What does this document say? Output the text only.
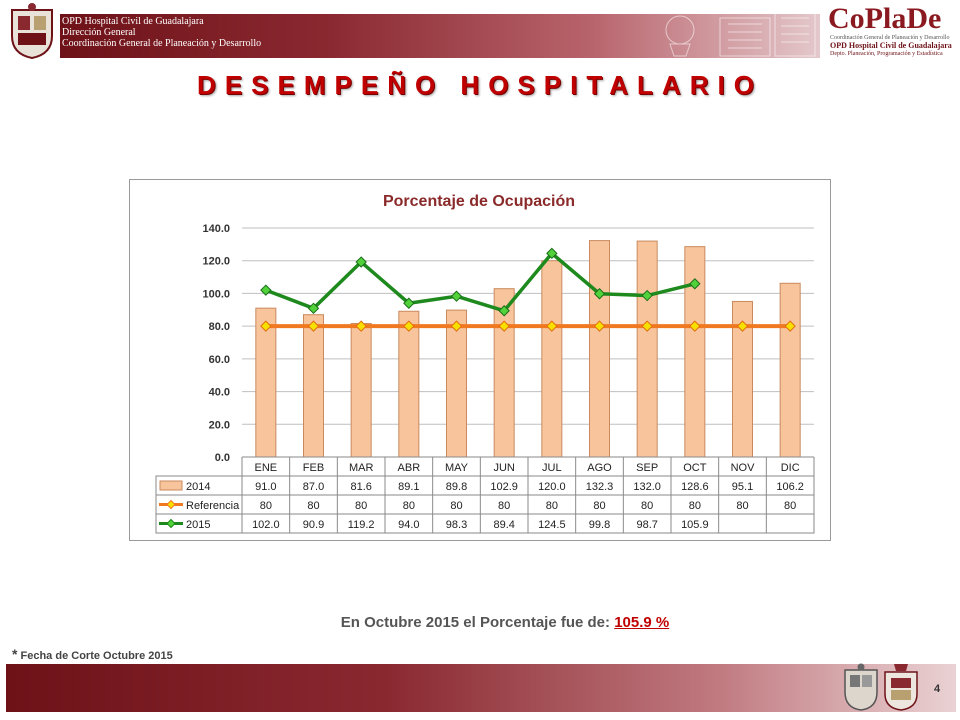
OPD Hospital Civil de Guadalajara
Dirección General
Coordinación General de Planeación y Desarrollo
CoPlaDe
Coordinación General de Planeación y Desarrollo
OPD Hospital Civil de Guadalajara
Depto. Planeación, Programación y Estadística
DESEMPEÑO HOSPITALARIO
Porcentaje de Ocupación
0.0
20.0
40.0
60.0
80.0
100.0
120.0
140.0
ENE FEB MAR ABR MAY JUN JUL AGO SEP OCT NOV DIC
2014	91.0 87.0 81.6 89.1 89.8 102.9 120.0 132.3 132.0 128.6 95.1 106.2
Referencia 80	80	80	80	80	80	80	80	80	80	80	80
2015	102.0 90.9 119.2 94.0 98.3 89.4 124.5 99.8 98.7 105.9
En Octubre 2015 el Porcentaje fue de: 105.9 %
* Fecha de Corte Octubre 2015
4
